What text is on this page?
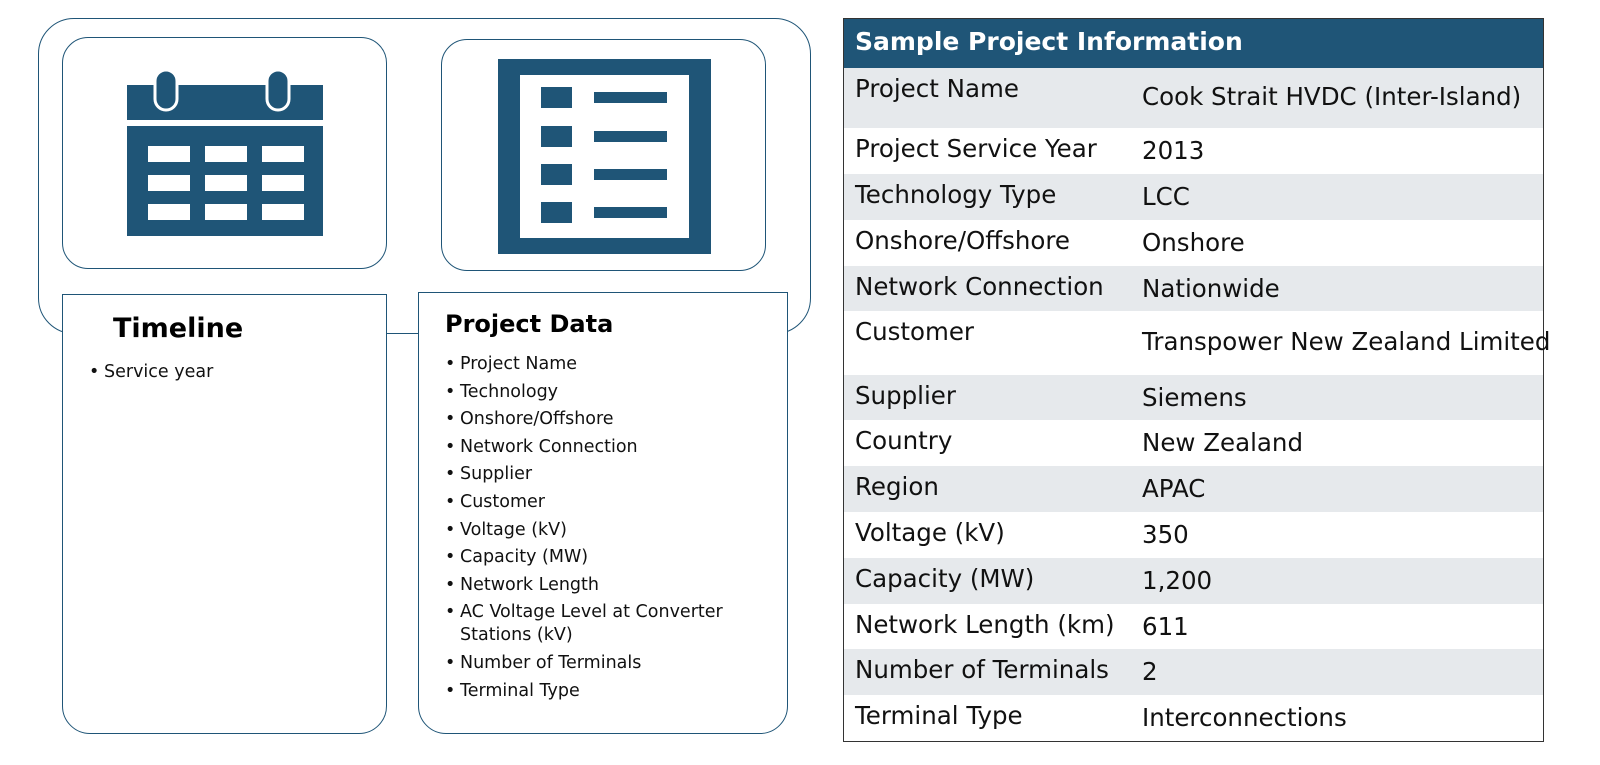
Timeline
• Service year
Project Data
• Project Name
• Technology
• Onshore/Offshore
• Network Connection
• Supplier
• Customer
• Voltage (kV)
• Capacity (MW)
• Network Length
• AC Voltage Level at Converter Stations (kV)
• Number of Terminals
• Terminal Type
Sample Project Information
Project Name	Cook Strait HVDC (Inter-Island)
Project Service Year 2013
Technology Type	LCC
Onshore/Offshore	Onshore
Network Connection Nationwide
Customer	Transpower New Zealand Limited
Supplier	Siemens
Country	New Zealand
Region	APAC
Voltage (kV)	350
Capacity (MW)	1,200
Network Length (km) 611
Number of Terminals 2
Terminal Type	Interconnections
